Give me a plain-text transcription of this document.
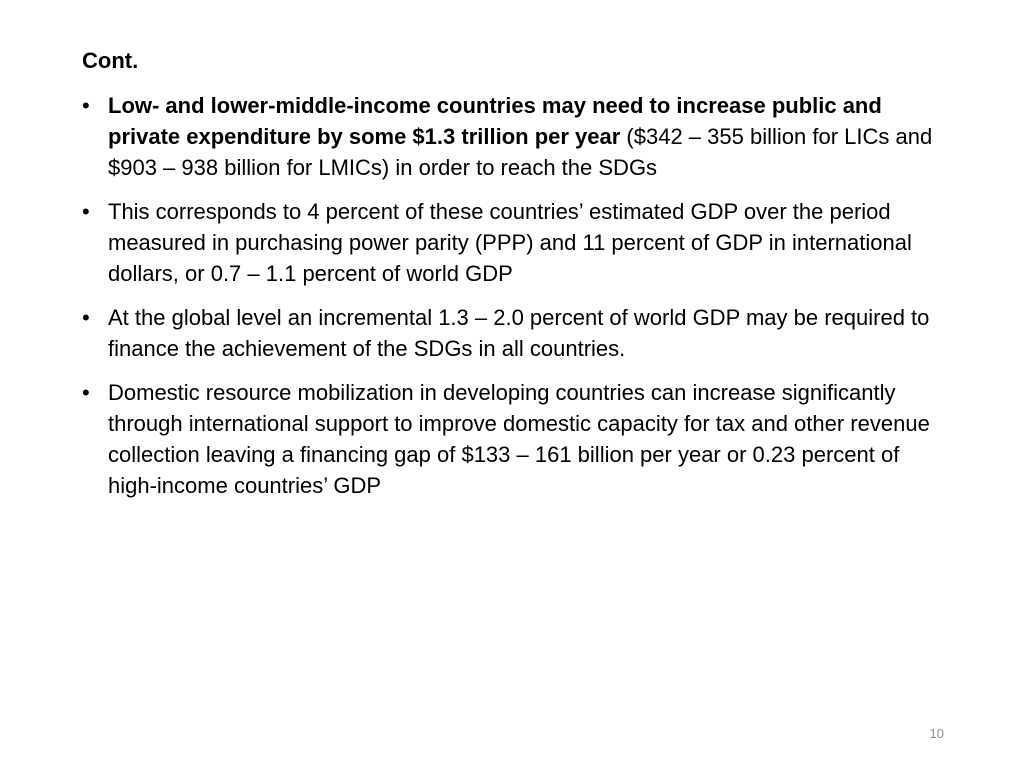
Cont.
• Low- and lower-middle-income countries may need to increase public and private expenditure by some $1.3 trillion per year ($342 – 355 billion for LICs and $903 – 938 billion for LMICs) in order to reach the SDGs
• This corresponds to 4 percent of these countries’ estimated GDP over the period measured in purchasing power parity (PPP) and 11 percent of GDP in international dollars, or 0.7 – 1.1 percent of world GDP
• At the global level an incremental 1.3 – 2.0 percent of world GDP may be required to finance the achievement of the SDGs in all countries.
• Domestic resource mobilization in developing countries can increase significantly through international support to improve domestic capacity for tax and other revenue collection leaving a financing gap of $133 – 161 billion per year or 0.23 percent of high-income countries’ GDP
10
